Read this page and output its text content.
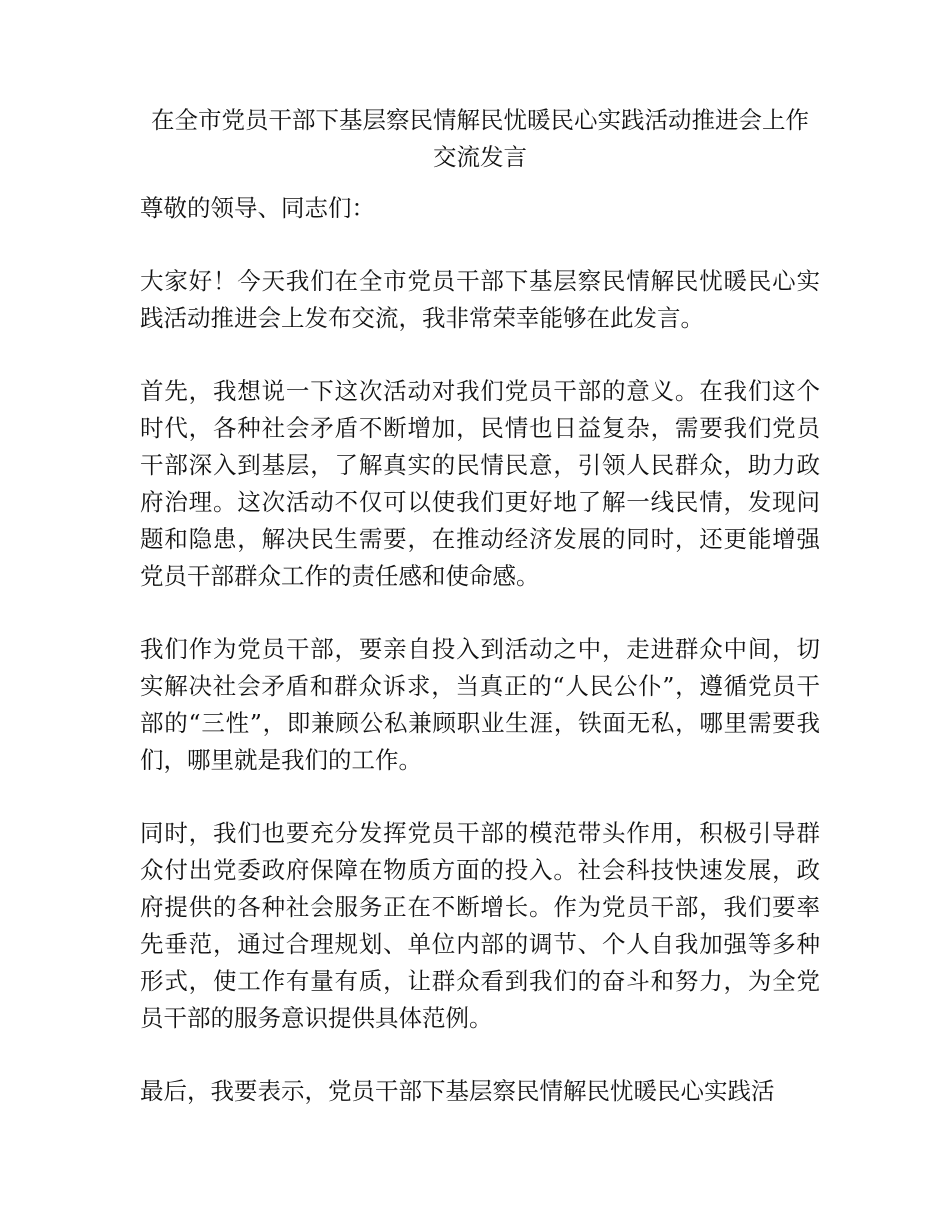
在全市党员干部下基层察民情解民忧暖民心实践活动推进会上作交流发言

尊敬的领导、同志们：

大家好！今天我们在全市党员干部下基层察民情解民忧暖民心实践活动推进会上发布交流，我非常荣幸能够在此发言。

首先，我想说一下这次活动对我们党员干部的意义。在我们这个时代，各种社会矛盾不断增加，民情也日益复杂，需要我们党员干部深入到基层，了解真实的民情民意，引领人民群众，助力政府治理。这次活动不仅可以使我们更好地了解一线民情，发现问题和隐患，解决民生需要，在推动经济发展的同时，还更能增强党员干部群众工作的责任感和使命感。

我们作为党员干部，要亲自投入到活动之中，走进群众中间，切实解决社会矛盾和群众诉求，当真正的“人民公仆”，遵循党员干部的“三性”，即兼顾公私兼顾职业生涯，铁面无私，哪里需要我们，哪里就是我们的工作。

同时，我们也要充分发挥党员干部的模范带头作用，积极引导群众付出党委政府保障在物质方面的投入。社会科技快速发展，政府提供的各种社会服务正在不断增长。作为党员干部，我们要率先垂范，通过合理规划、单位内部的调节、个人自我加强等多种形式，使工作有量有质，让群众看到我们的奋斗和努力，为全党员干部的服务意识提供具体范例。

最后，我要表示，党员干部下基层察民情解民忧暖民心实践活
